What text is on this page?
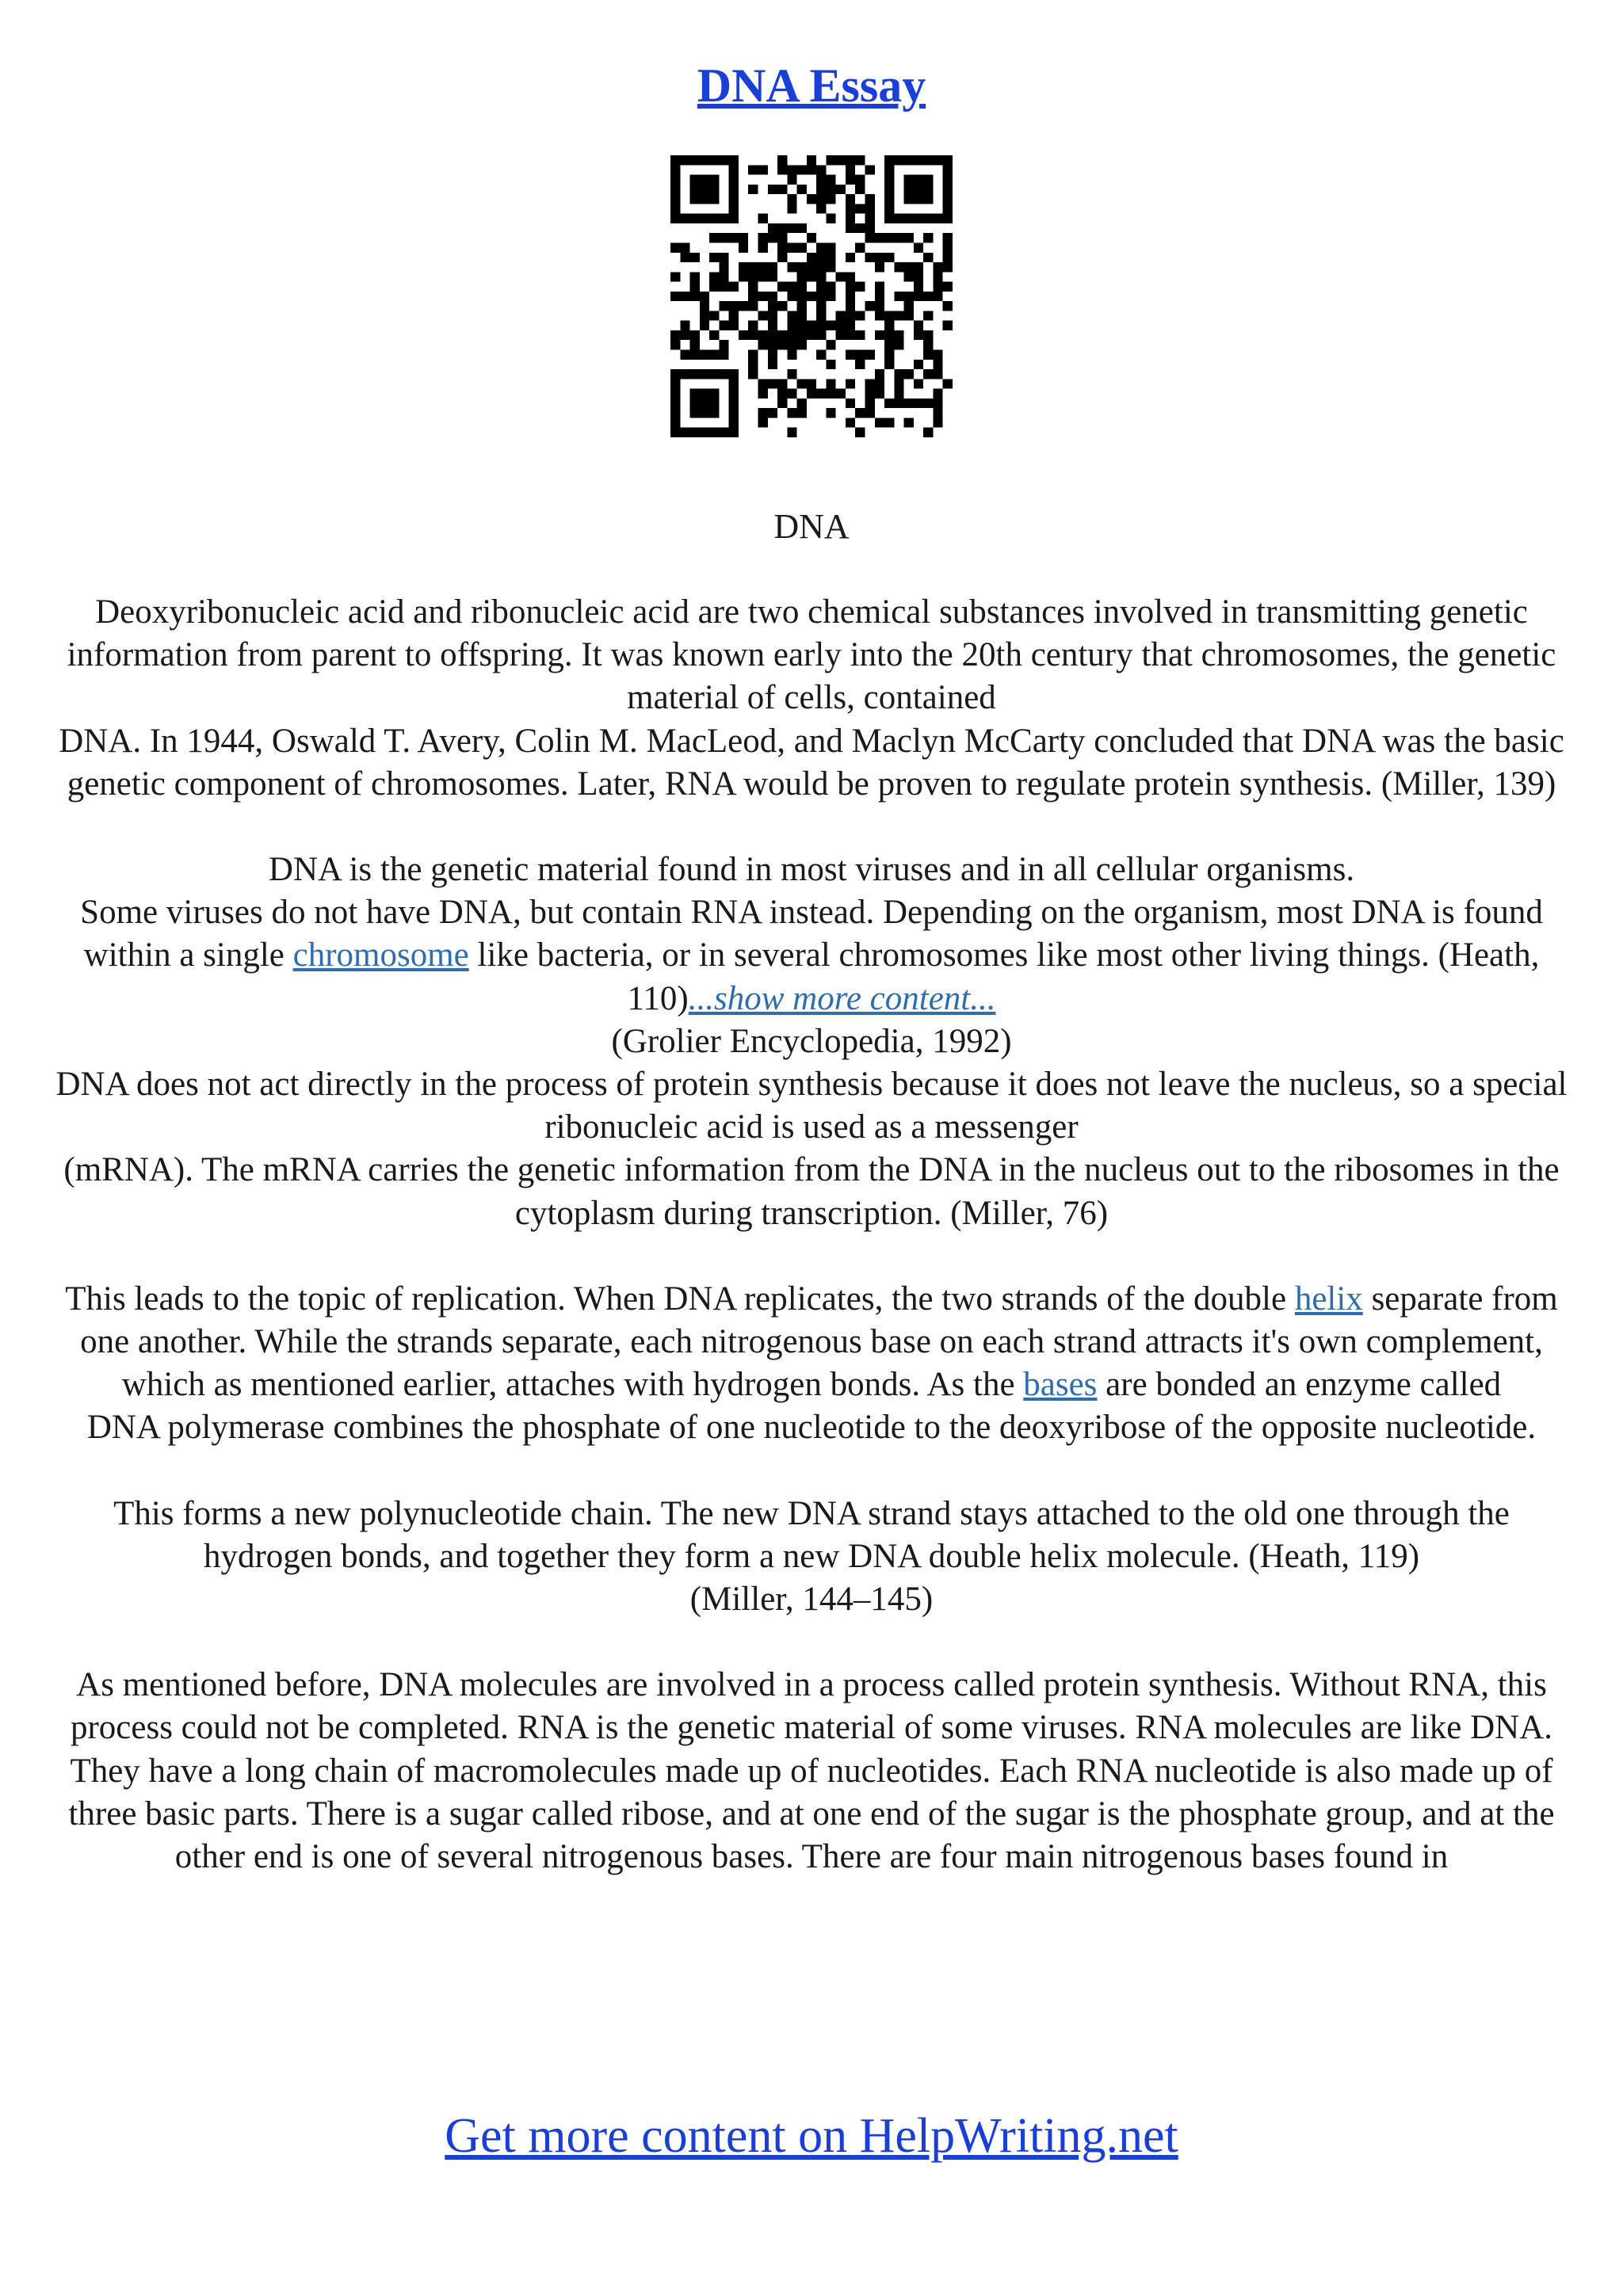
DNA Essay
DNA
Deoxyribonucleic acid and ribonucleic acid are two chemical substances involved in transmitting genetic information from parent to offspring. It was known early into the 20th century that chromosomes, the genetic material of cells, contained
DNA. In 1944, Oswald T. Avery, Colin M. MacLeod, and Maclyn McCarty concluded that DNA was the basic genetic component of chromosomes. Later, RNA would be proven to regulate protein synthesis. (Miller, 139)
DNA is the genetic material found in most viruses and in all cellular organisms.
Some viruses do not have DNA, but contain RNA instead. Depending on the organism, most DNA is found within a single chromosome like bacteria, or in several chromosomes like most other living things. (Heath, 110)...show more content...
(Grolier Encyclopedia, 1992)
DNA does not act directly in the process of protein synthesis because it does not leave the nucleus, so a special ribonucleic acid is used as a messenger
(mRNA). The mRNA carries the genetic information from the DNA in the nucleus out to the ribosomes in the cytoplasm during transcription. (Miller, 76)
This leads to the topic of replication. When DNA replicates, the two strands of the double helix separate from one another. While the strands separate, each nitrogenous base on each strand attracts it's own complement, which as mentioned earlier, attaches with hydrogen bonds. As the bases are bonded an enzyme called
DNA polymerase combines the phosphate of one nucleotide to the deoxyribose of the opposite nucleotide.
This forms a new polynucleotide chain. The new DNA strand stays attached to the old one through the hydrogen bonds, and together they form a new DNA double helix molecule. (Heath, 119)
(Miller, 144–145)
As mentioned before, DNA molecules are involved in a process called protein synthesis. Without RNA, this process could not be completed. RNA is the genetic material of some viruses. RNA molecules are like DNA. They have a long chain of macromolecules made up of nucleotides. Each RNA nucleotide is also made up of three basic parts. There is a sugar called ribose, and at one end of the sugar is the phosphate group, and at the other end is one of several nitrogenous bases. There are four main nitrogenous bases found in
Get more content on HelpWriting.net
